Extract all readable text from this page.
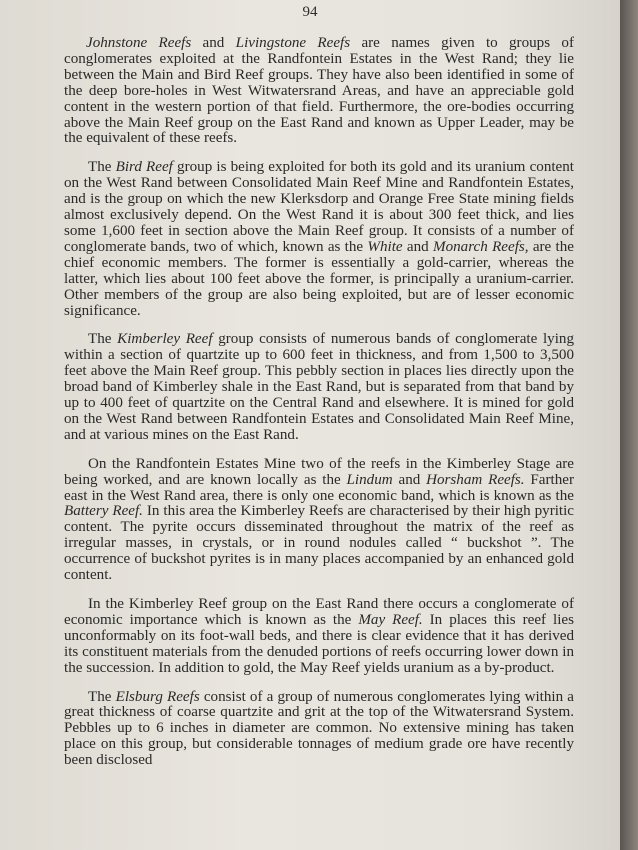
94

Johnstone Reefs and Livingstone Reefs are names given to groups of conglomerates exploited at the Randfontein Estates in the West Rand; they lie between the Main and Bird Reef groups. They have also been identified in some of the deep bore-holes in West Witwatersrand Areas, and have an appreciable gold content in the western portion of that field. Furthermore, the ore-bodies occurring above the Main Reef group on the East Rand and known as Upper Leader, may be the equivalent of these reefs.

The Bird Reef group is being exploited for both its gold and its uranium content on the West Rand between Consolidated Main Reef Mine and Randfontein Estates, and is the group on which the new Klerksdorp and Orange Free State mining fields almost exclusively depend. On the West Rand it is about 300 feet thick, and lies some 1,600 feet in section above the Main Reef group. It consists of a number of conglomerate bands, two of which, known as the White and Monarch Reefs, are the chief economic members. The former is essentially a gold-carrier, whereas the latter, which lies about 100 feet above the former, is principally a uranium-carrier. Other members of the group are also being exploited, but are of lesser economic significance.

The Kimberley Reef group consists of numerous bands of conglomerate lying within a section of quartzite up to 600 feet in thickness, and from 1,500 to 3,500 feet above the Main Reef group. This pebbly section in places lies directly upon the broad band of Kimberley shale in the East Rand, but is separated from that band by up to 400 feet of quartzite on the Central Rand and elsewhere. It is mined for gold on the West Rand between Randfontein Estates and Consolidated Main Reef Mine, and at various mines on the East Rand.

On the Randfontein Estates Mine two of the reefs in the Kimberley Stage are being worked, and are known locally as the Lindum and Horsham Reefs. Farther east in the West Rand area, there is only one economic band, which is known as the Battery Reef. In this area the Kimberley Reefs are characterised by their high pyritic content. The pyrite occurs disseminated throughout the matrix of the reef as irregular masses, in crystals, or in round nodules called “ buckshot ”. The occurrence of buckshot pyrites is in many places accompanied by an enhanced gold content.

In the Kimberley Reef group on the East Rand there occurs a conglomerate of economic importance which is known as the May Reef. In places this reef lies unconformably on its foot-wall beds, and there is clear evidence that it has derived its constituent materials from the denuded portions of reefs occurring lower down in the succession. In addition to gold, the May Reef yields uranium as a by-product.

The Elsburg Reefs consist of a group of numerous conglomerates lying within a great thickness of coarse quartzite and grit at the top of the Witwatersrand System. Pebbles up to 6 inches in diameter are common. No extensive mining has taken place on this group, but considerable tonnages of medium grade ore have recently been disclosed
